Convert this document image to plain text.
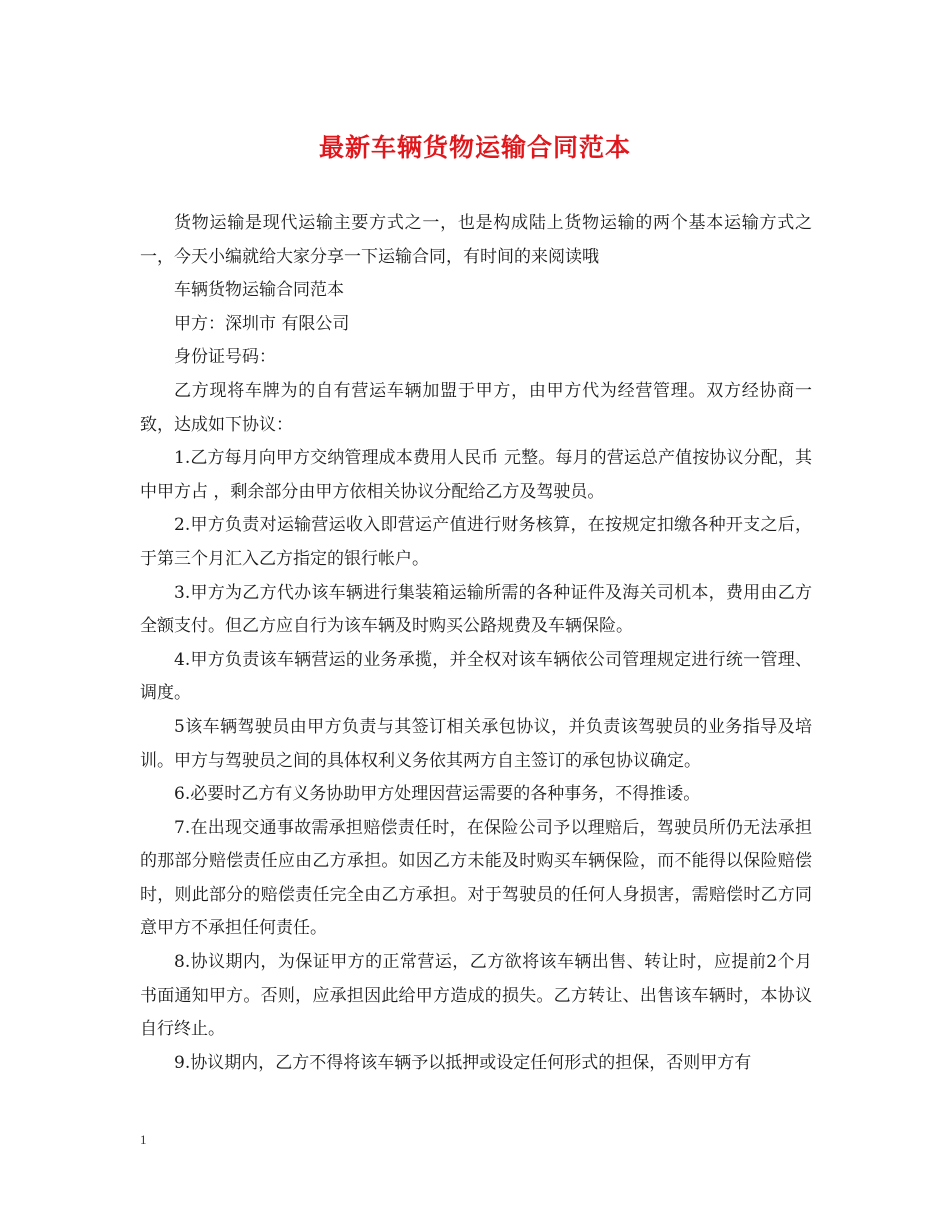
最新车辆货物运输合同范本

货物运输是现代运输主要方式之一，也是构成陆上货物运输的两个基本运输方式之一，今天小编就给大家分享一下运输合同，有时间的来阅读哦

车辆货物运输合同范本

甲方：深圳市 有限公司

身份证号码：

乙方现将车牌为的自有营运车辆加盟于甲方，由甲方代为经营管理。双方经协商一致，达成如下协议：

1.乙方每月向甲方交纳管理成本费用人民币 元整。每月的营运总产值按协议分配，其中甲方占 ，剩余部分由甲方依相关协议分配给乙方及驾驶员。

2.甲方负责对运输营运收入即营运产值进行财务核算，在按规定扣缴各种开支之后，于第三个月汇入乙方指定的银行帐户。

3.甲方为乙方代办该车辆进行集装箱运输所需的各种证件及海关司机本，费用由乙方全额支付。但乙方应自行为该车辆及时购买公路规费及车辆保险。

4.甲方负责该车辆营运的业务承揽，并全权对该车辆依公司管理规定进行统一管理、调度。

5该车辆驾驶员由甲方负责与其签订相关承包协议，并负责该驾驶员的业务指导及培训。甲方与驾驶员之间的具体权利义务依其两方自主签订的承包协议确定。

6.必要时乙方有义务协助甲方处理因营运需要的各种事务，不得推诿。

7.在出现交通事故需承担赔偿责任时，在保险公司予以理赔后，驾驶员所仍无法承担的那部分赔偿责任应由乙方承担。如因乙方未能及时购买车辆保险，而不能得以保险赔偿时，则此部分的赔偿责任完全由乙方承担。对于驾驶员的任何人身损害，需赔偿时乙方同意甲方不承担任何责任。

8.协议期内，为保证甲方的正常营运，乙方欲将该车辆出售、转让时，应提前2个月书面通知甲方。否则，应承担因此给甲方造成的损失。乙方转让、出售该车辆时，本协议自行终止。

9.协议期内，乙方不得将该车辆予以抵押或设定任何形式的担保，否则甲方有

1
